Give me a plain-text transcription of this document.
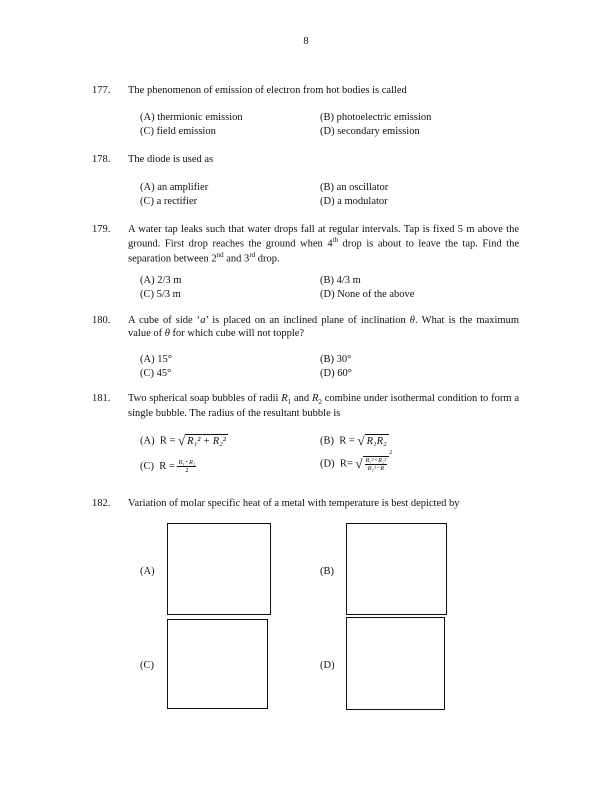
8
177. The phenomenon of emission of electron from hot bodies is called
(A) thermionic emission	(B) photoelectric emission
(C) field emission	(D) secondary emission
178. The diode is used as
(A) an amplifier	(B) an oscillator
(C) a rectifier	(D) a modulator
179. A water tap leaks such that water drops fall at regular intervals. Tap is fixed 5 m above the ground. First drop reaches the ground when 4th drop is about to leave the tap. Find the separation between 2nd and 3rd drop.
(A) 2/3 m	(B) 4/3 m
(C) 5/3 m	(D) None of the above
180. A cube of side ‘a’ is placed on an inclined plane of inclination θ. What is the maximum value of θ for which cube will not topple?
(A) 15°	(B) 30°
(C) 45°	(D) 60°
181. Two spherical soap bubbles of radii $R_1$ and $R_2$ combine under isothermal condition to form a single bubble. The radius of the resultant bubble is
(A) R = √ R₁² + R₂²	(B) R = √ R₁R₂
(C) $R = \frac{\text{R₁+R₂}}{2}$	(D) R= √ $\frac{\text{R₁²+R₂²}}{\text{R₁²−R}}$
$^2$
182. Variation of molar specific heat of a metal with temperature is best depicted by
(A)	(B)
(C)	(D)
